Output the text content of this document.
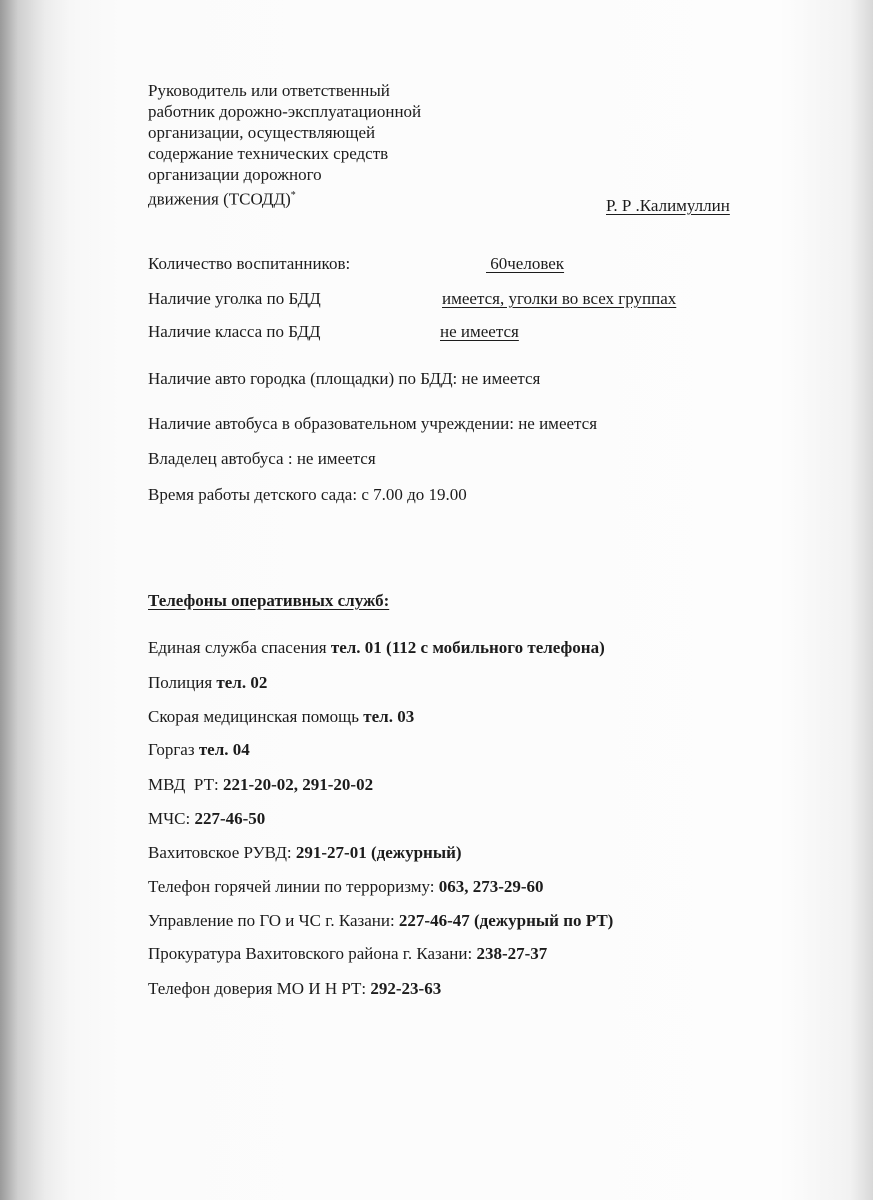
Руководитель или ответственный
работник дорожно-эксплуатационной
организации, осуществляющей
содержание технических средств
организации дорожного
движения (ТСОДД)*
Р. Р .Калимуллин
Количество воспитанников:	60человек
Наличие уголка по БДД	имеется, уголки во всех группах
Наличие класса по БДД	не имеется
Наличие авто городка (площадки) по БДД: не имеется
Наличие автобуса в образовательном учреждении: не имеется
Владелец автобуса : не имеется
Время работы детского сада: с 7.00 до 19.00
Телефоны оперативных служб:
Единая служба спасения тел. 01 (112 с мобильного телефона)
Полиция тел. 02
Скорая медицинская помощь тел. 03
Горгаз тел. 04
МВД  РТ: 221-20-02, 291-20-02
МЧС: 227-46-50
Вахитовское РУВД: 291-27-01 (дежурный)
Телефон горячей линии по терроризму: 063, 273-29-60
Управление по ГО и ЧС г. Казани: 227-46-47 (дежурный по РТ)
Прокуратура Вахитовского района г. Казани: 238-27-37
Телефон доверия МО И Н РТ: 292-23-63
